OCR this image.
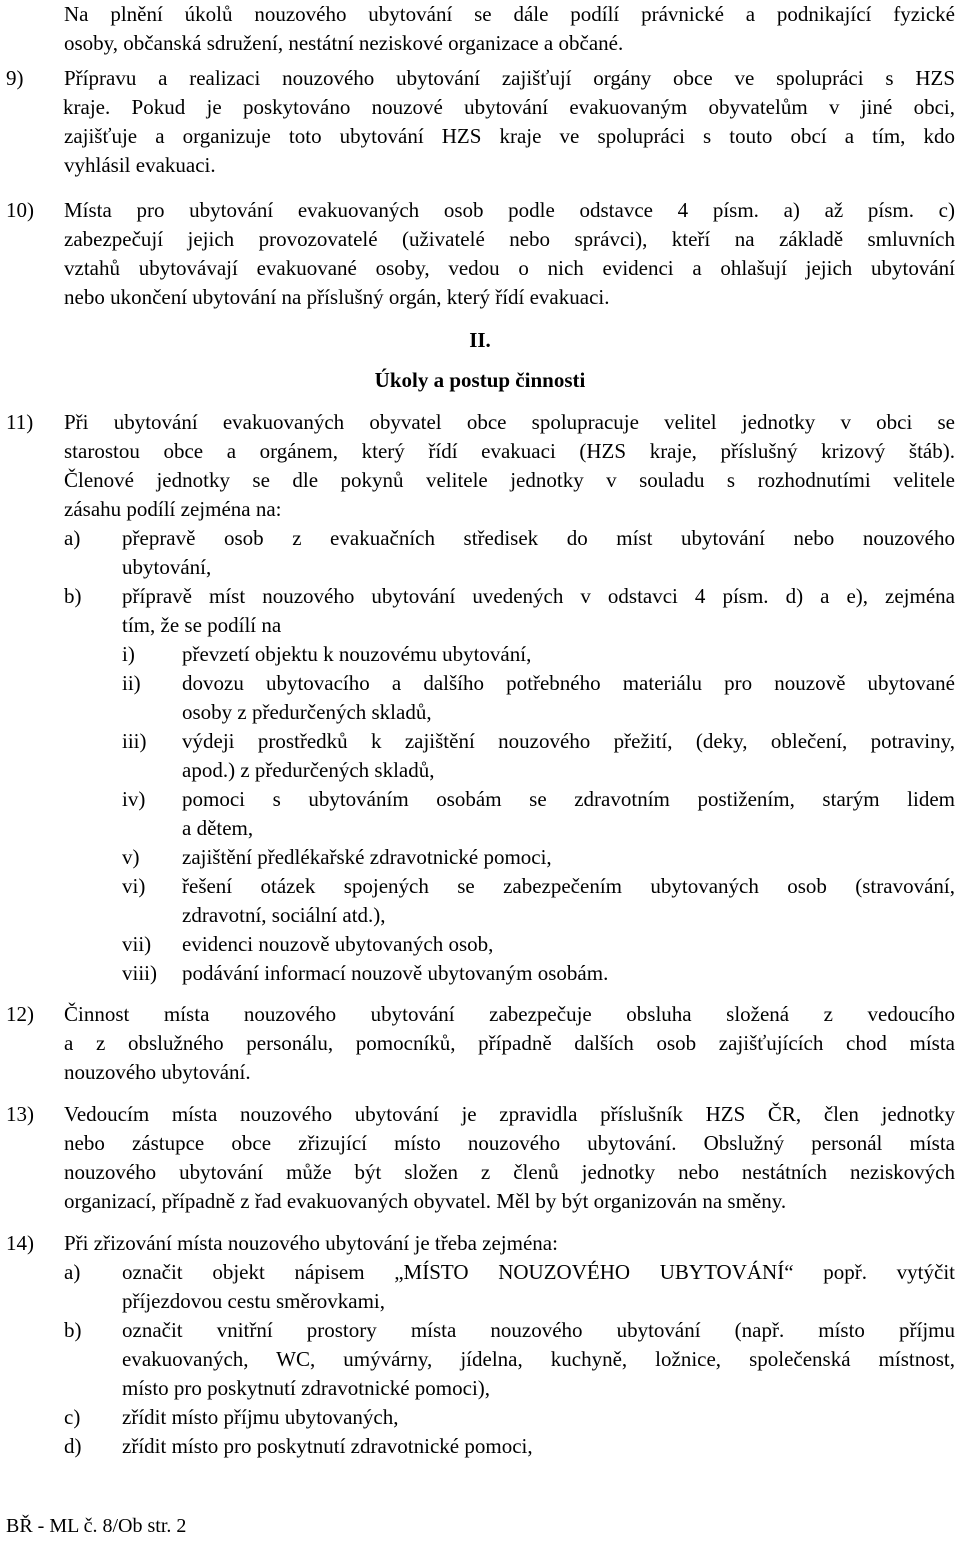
Na plnění úkolů nouzového ubytování se dále podílí právnické a podnikající fyzické
osoby, občanská sdružení, nestátní neziskové organizace a občané.
9) Přípravu a realizaci nouzového ubytování zajišťují orgány obce ve spolupráci s HZS
kraje. Pokud je poskytováno nouzové ubytování evakuovaným obyvatelům v jiné obci,
zajišťuje a organizuje toto ubytování HZS kraje ve spolupráci s touto obcí a tím, kdo
vyhlásil evakuaci.
10) Místa pro ubytování evakuovaných osob podle odstavce 4 písm. a) až písm. c)
zabezpečují jejich provozovatelé (uživatelé nebo správci), kteří na základě smluvních
vztahů ubytovávají evakuované osoby, vedou o nich evidenci a ohlašují jejich ubytování
nebo ukončení ubytování na příslušný orgán, který řídí evakuaci.
II.
Úkoly a postup činnosti
11) Při ubytování evakuovaných obyvatel obce spolupracuje velitel jednotky v obci se
starostou obce a orgánem, který řídí evakuaci (HZS kraje, příslušný krizový štáb).
Členové jednotky se dle pokynů velitele jednotky v souladu s rozhodnutími velitele
zásahu podílí zejména na:
a) přepravě osob z evakuačních středisek do míst ubytování nebo nouzového
ubytování,
b) přípravě míst nouzového ubytování uvedených v odstavci 4 písm. d) a e), zejména
tím, že se podílí na
i) převzetí objektu k nouzovému ubytování,
ii) dovozu ubytovacího a dalšího potřebného materiálu pro nouzově ubytované
osoby z předurčených skladů,
iii) výdeji prostředků k zajištění nouzového přežití, (deky, oblečení, potraviny,
apod.) z předurčených skladů,
iv) pomoci s ubytováním osobám se zdravotním postižením, starým lidem
a dětem,
v) zajištění předlékařské zdravotnické pomoci,
vi) řešení otázek spojených se zabezpečením ubytovaných osob (stravování,
zdravotní, sociální atd.),
vii) evidenci nouzově ubytovaných osob,
viii) podávání informací nouzově ubytovaným osobám.
12) Činnost místa nouzového ubytování zabezpečuje obsluha složená z vedoucího
a z obslužného personálu, pomocníků, případně dalších osob zajišťujících chod místa
nouzového ubytování.
13) Vedoucím místa nouzového ubytování je zpravidla příslušník HZS ČR, člen jednotky
nebo zástupce obce zřizující místo nouzového ubytování. Obslužný personál místa
nouzového ubytování může být složen z členů jednotky nebo nestátních neziskových
organizací, případně z řad evakuovaných obyvatel. Měl by být organizován na směny.
14) Při zřizování místa nouzového ubytování je třeba zejména:
a) označit objekt nápisem „MÍSTO NOUZOVÉHO UBYTOVÁNÍ“ popř. vytýčit
příjezdovou cestu směrovkami,
b) označit vnitřní prostory místa nouzového ubytování (např. místo příjmu
evakuovaných, WC, umývárny, jídelna, kuchyně, ložnice, společenská místnost,
místo pro poskytnutí zdravotnické pomoci),
c) zřídit místo příjmu ubytovaných,
d) zřídit místo pro poskytnutí zdravotnické pomoci,
BŘ - ML č. 8/Ob str. 2
